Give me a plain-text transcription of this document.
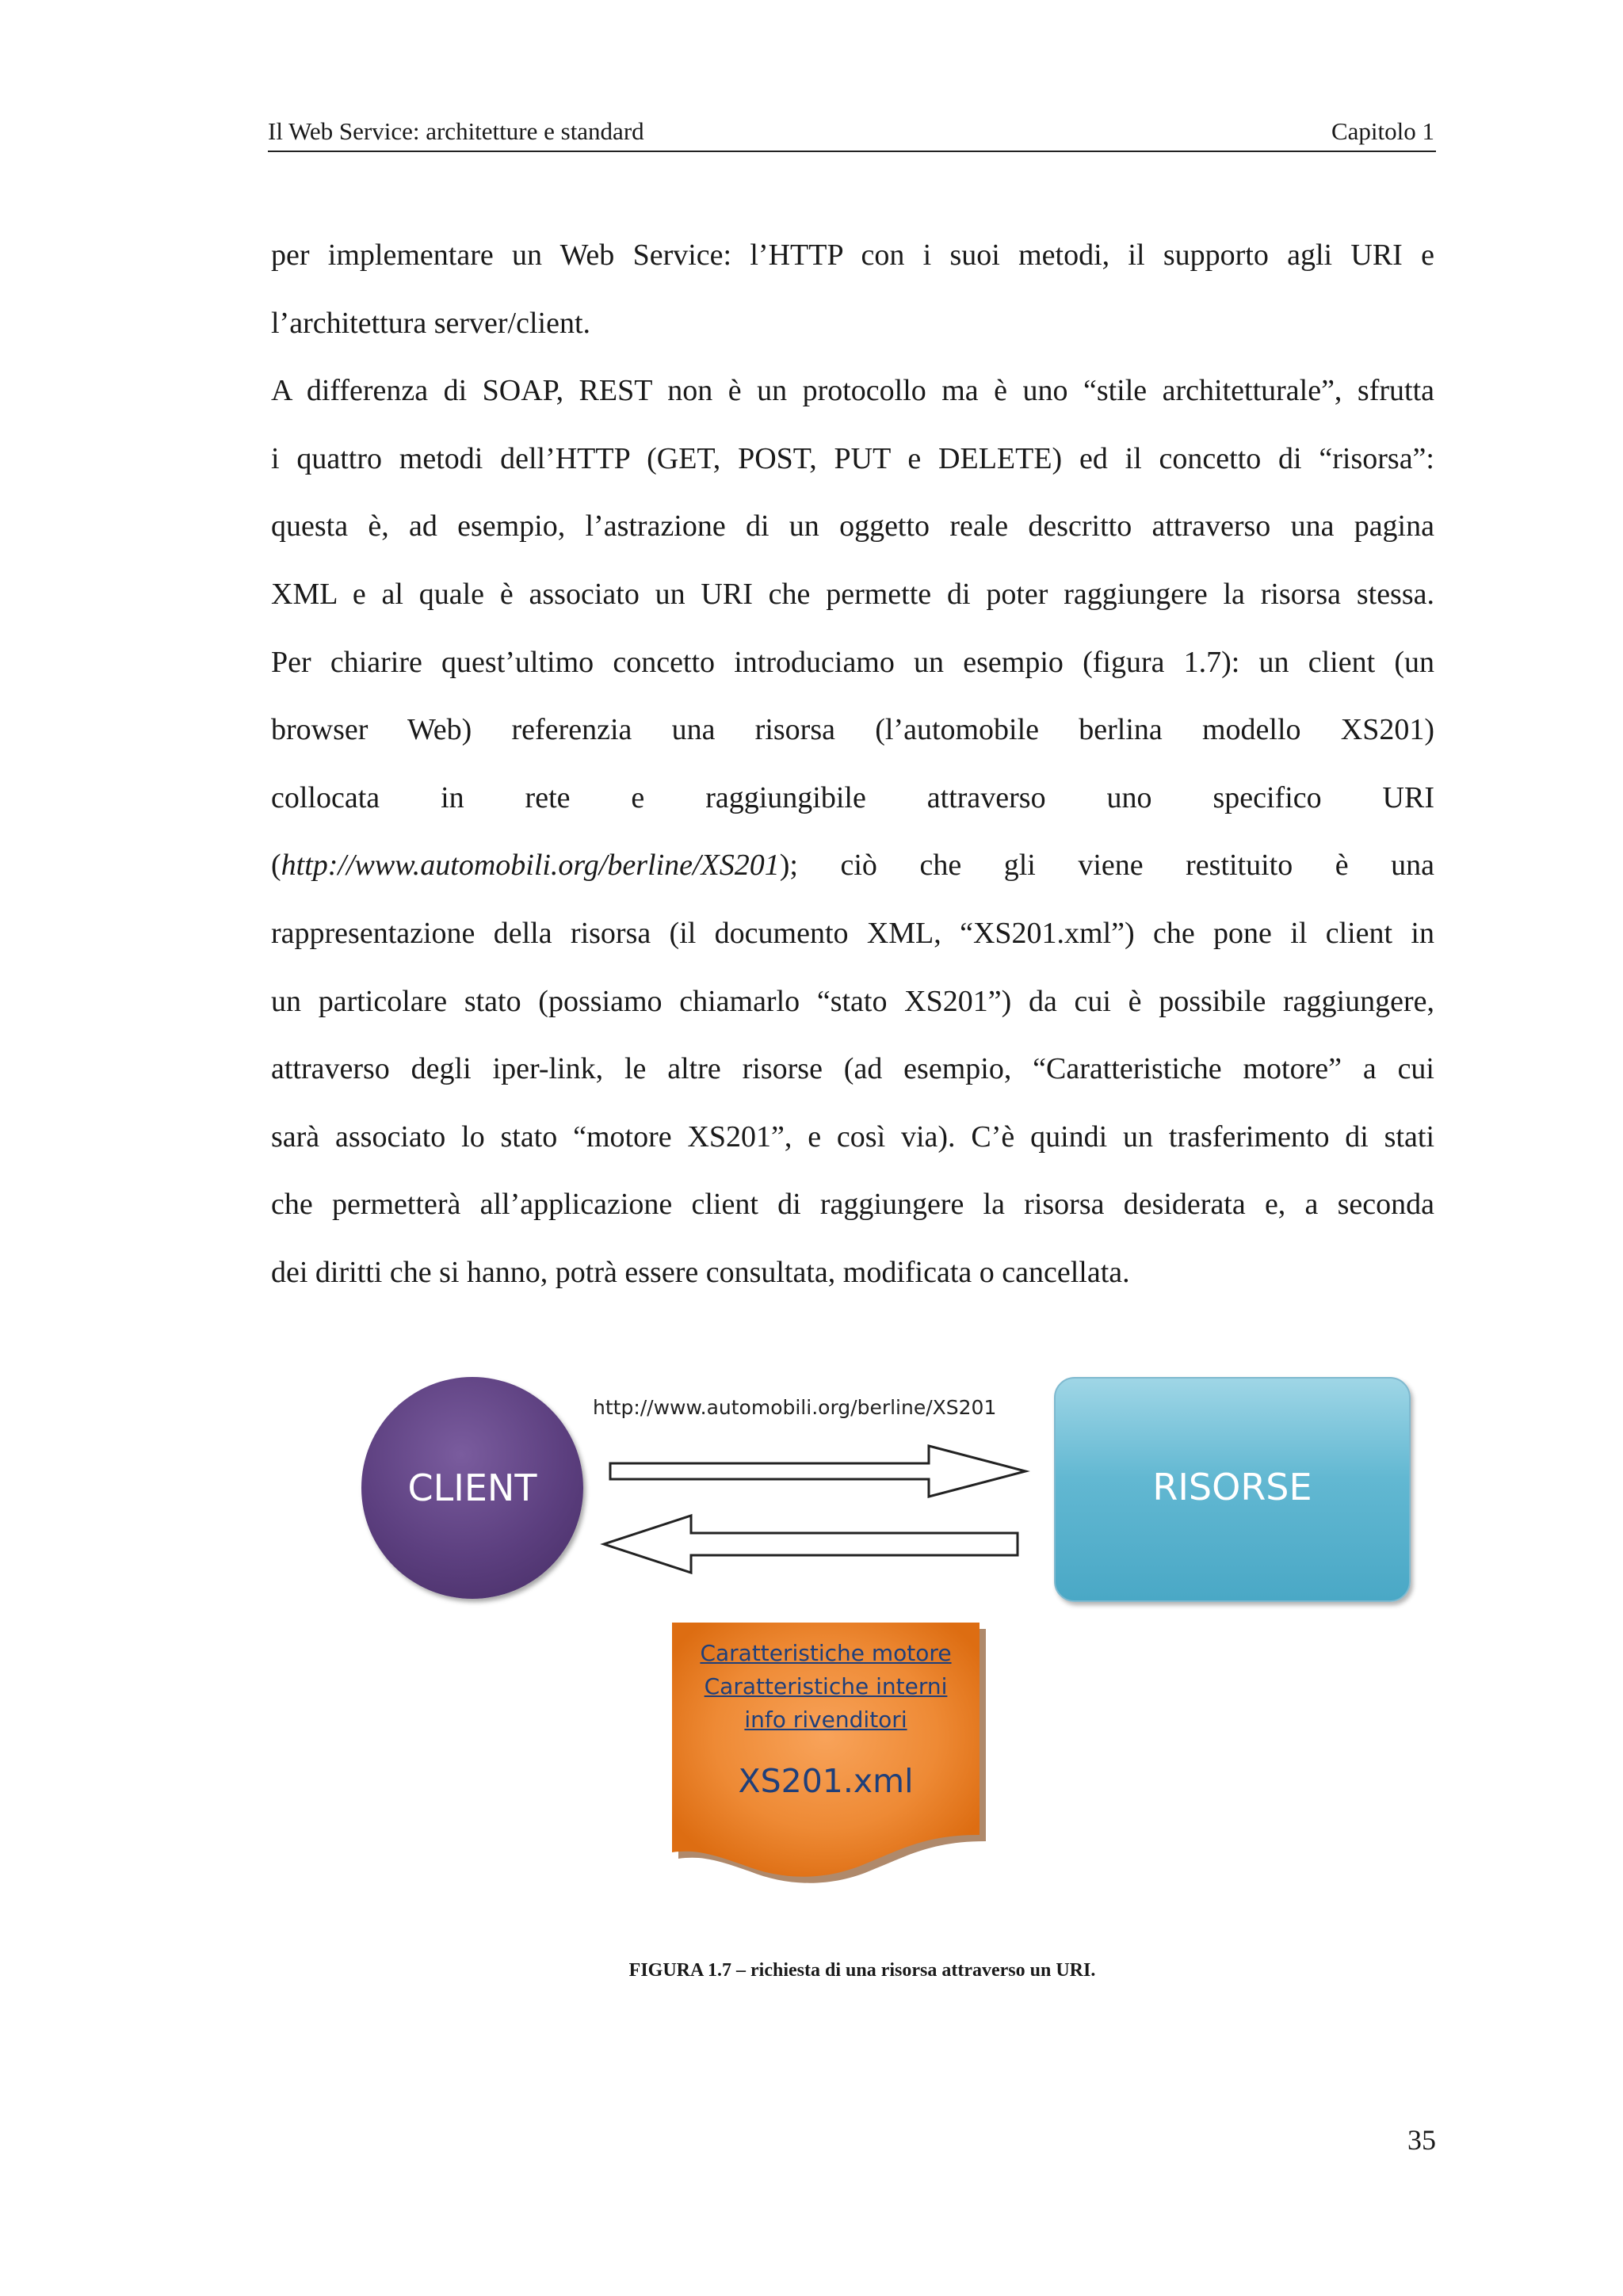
Il Web Service: architetture e standard	Capitolo 1
per implementare un Web Service: l’HTTP con i suoi metodi, il supporto agli URI e
l’architettura server/client.
A differenza di SOAP, REST non è un protocollo ma è uno “stile architetturale”, sfrutta
i quattro metodi dell’HTTP (GET, POST, PUT e DELETE) ed il concetto di “risorsa”:
questa è, ad esempio, l’astrazione di un oggetto reale descritto attraverso una pagina
XML e al quale è associato un URI che permette di poter raggiungere la risorsa stessa.
Per chiarire quest’ultimo concetto introduciamo un esempio (figura 1.7): un client (un
browser Web) referenzia una risorsa (l’automobile berlina modello XS201)
collocata in rete e raggiungibile attraverso uno specifico URI
(http://www.automobili.org/berline/XS201); ciò che gli viene restituito è una
rappresentazione della risorsa (il documento XML, “XS201.xml”) che pone il client in
un particolare stato (possiamo chiamarlo “stato XS201”) da cui è possibile raggiungere,
attraverso degli iper-link, le altre risorse (ad esempio, “Caratteristiche motore” a cui
sarà associato lo stato “motore XS201”, e così via). C’è quindi un trasferimento di stati
che permetterà all’applicazione client di raggiungere la risorsa desiderata e, a seconda
dei diritti che si hanno, potrà essere consultata, modificata o cancellata.
CLIENT
http://www.automobili.org/berline/XS201
RISORSE
Caratteristiche motore
Caratteristiche interni
info rivenditori
XS201.xml
FIGURA 1.7 – richiesta di una risorsa attraverso un URI.
35
